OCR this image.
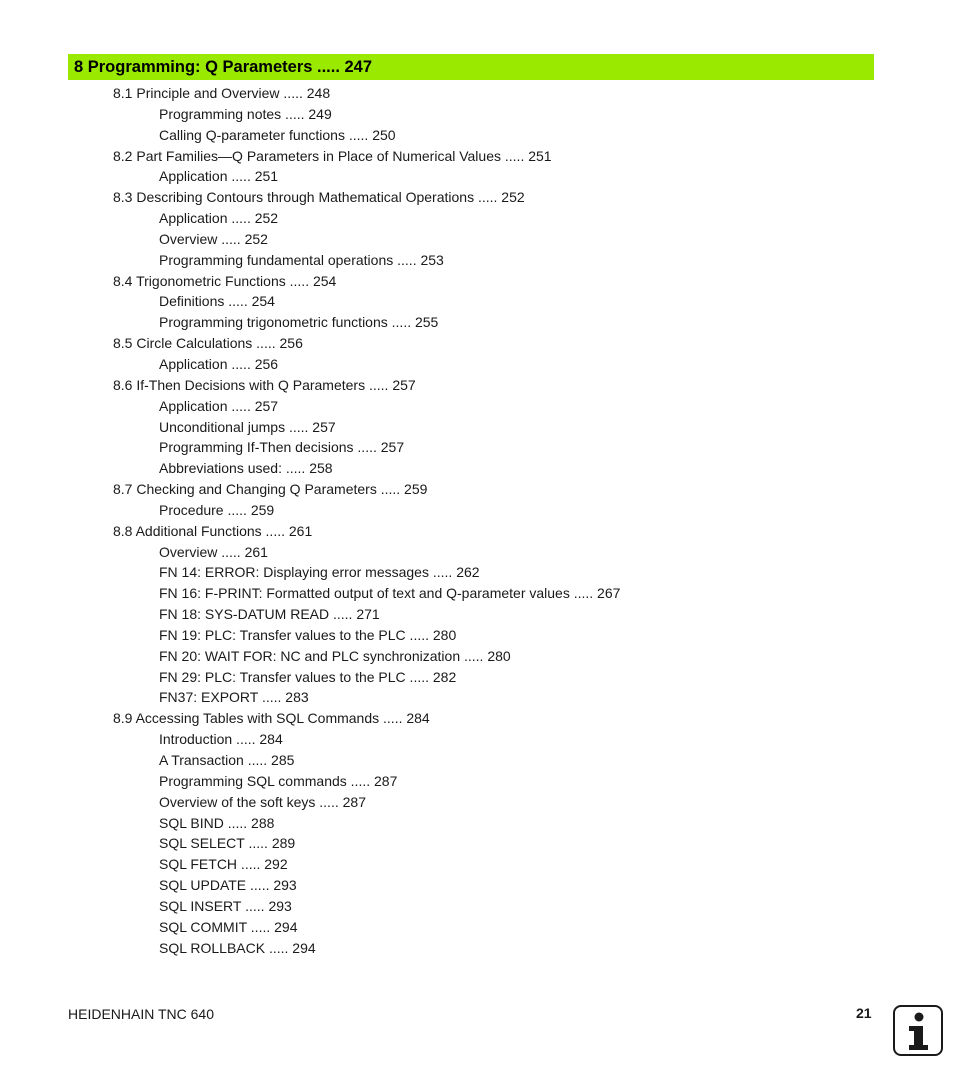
8 Programming: Q Parameters ..... 247
8.1 Principle and Overview ..... 248
Programming notes ..... 249
Calling Q-parameter functions ..... 250
8.2 Part Families—Q Parameters in Place of Numerical Values ..... 251
Application ..... 251
8.3 Describing Contours through Mathematical Operations ..... 252
Application ..... 252
Overview ..... 252
Programming fundamental operations ..... 253
8.4 Trigonometric Functions ..... 254
Definitions ..... 254
Programming trigonometric functions ..... 255
8.5 Circle Calculations ..... 256
Application ..... 256
8.6 If-Then Decisions with Q Parameters ..... 257
Application ..... 257
Unconditional jumps ..... 257
Programming If-Then decisions ..... 257
Abbreviations used: ..... 258
8.7 Checking and Changing Q Parameters ..... 259
Procedure ..... 259
8.8 Additional Functions ..... 261
Overview ..... 261
FN 14: ERROR: Displaying error messages ..... 262
FN 16: F-PRINT: Formatted output of text and Q-parameter values ..... 267
FN 18: SYS-DATUM READ ..... 271
FN 19: PLC: Transfer values to the PLC ..... 280
FN 20: WAIT FOR: NC and PLC synchronization ..... 280
FN 29: PLC: Transfer values to the PLC ..... 282
FN37: EXPORT ..... 283
8.9 Accessing Tables with SQL Commands ..... 284
Introduction ..... 284
A Transaction ..... 285
Programming SQL commands ..... 287
Overview of the soft keys ..... 287
SQL BIND ..... 288
SQL SELECT ..... 289
SQL FETCH ..... 292
SQL UPDATE ..... 293
SQL INSERT ..... 293
SQL COMMIT ..... 294
SQL ROLLBACK ..... 294
HEIDENHAIN TNC 640	21
